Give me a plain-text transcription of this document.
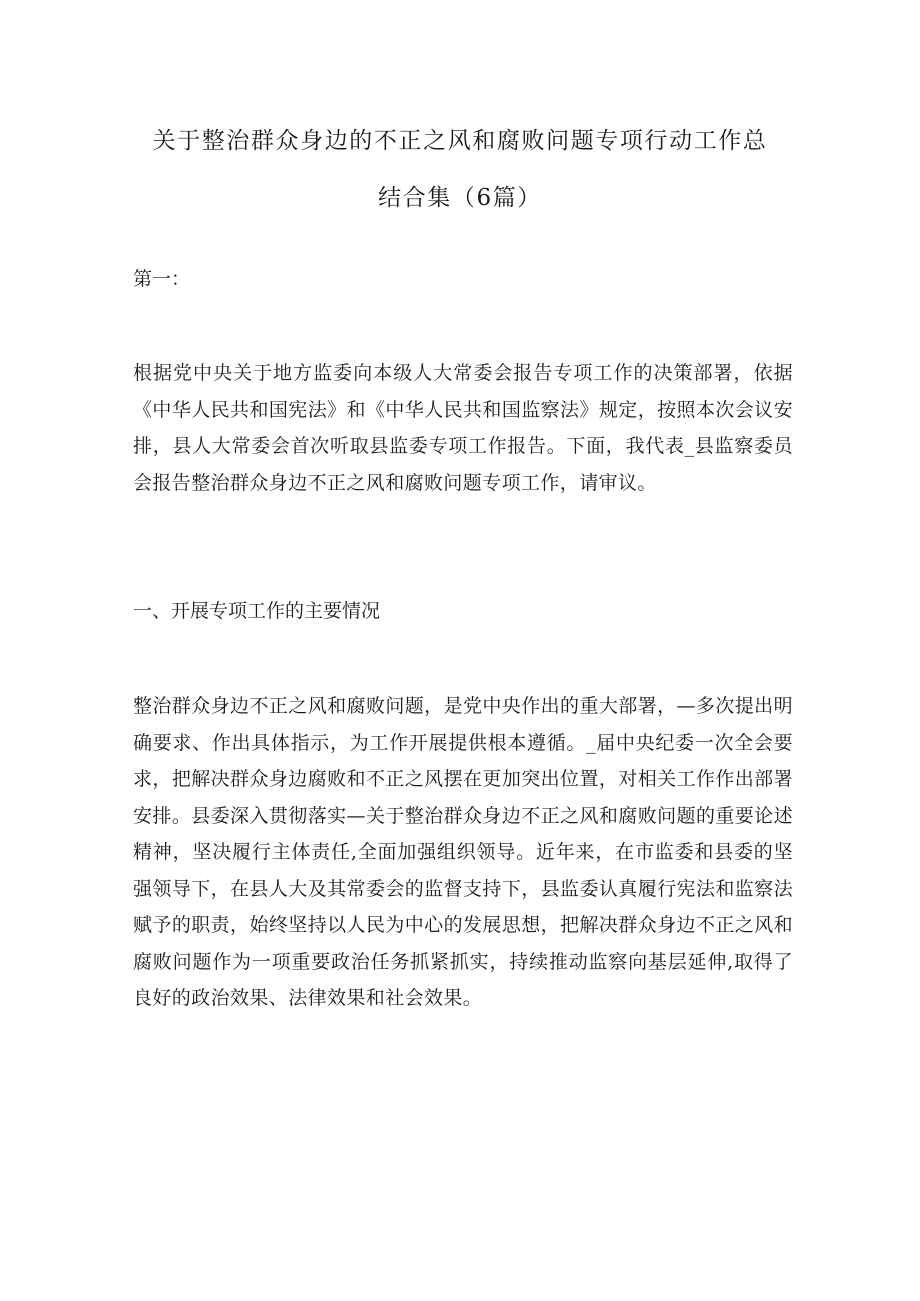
关于整治群众身边的不正之风和腐败问题专项行动工作总
结合集（6篇）

第一：

根据党中央关于地方监委向本级人大常委会报告专项工作的决策部署，依据《中华人民共和国宪法》和《中华人民共和国监察法》规定，按照本次会议安排，县人大常委会首次听取县监委专项工作报告。下面，我代表_县监察委员会报告整治群众身边不正之风和腐败问题专项工作，请审议。

一、开展专项工作的主要情况

整治群众身边不正之风和腐败问题，是党中央作出的重大部署，—多次提出明确要求、作出具体指示，为工作开展提供根本遵循。_届中央纪委一次全会要求，把解决群众身边腐败和不正之风摆在更加突出位置，对相关工作作出部署安排。县委深入贯彻落实—关于整治群众身边不正之风和腐败问题的重要论述精神，坚决履行主体责任,全面加强组织领导。近年来，在市监委和县委的坚强领导下，在县人大及其常委会的监督支持下，县监委认真履行宪法和监察法赋予的职责，始终坚持以人民为中心的发展思想，把解决群众身边不正之风和腐败问题作为一项重要政治任务抓紧抓实，持续推动监察向基层延伸,取得了良好的政治效果、法律效果和社会效果。
